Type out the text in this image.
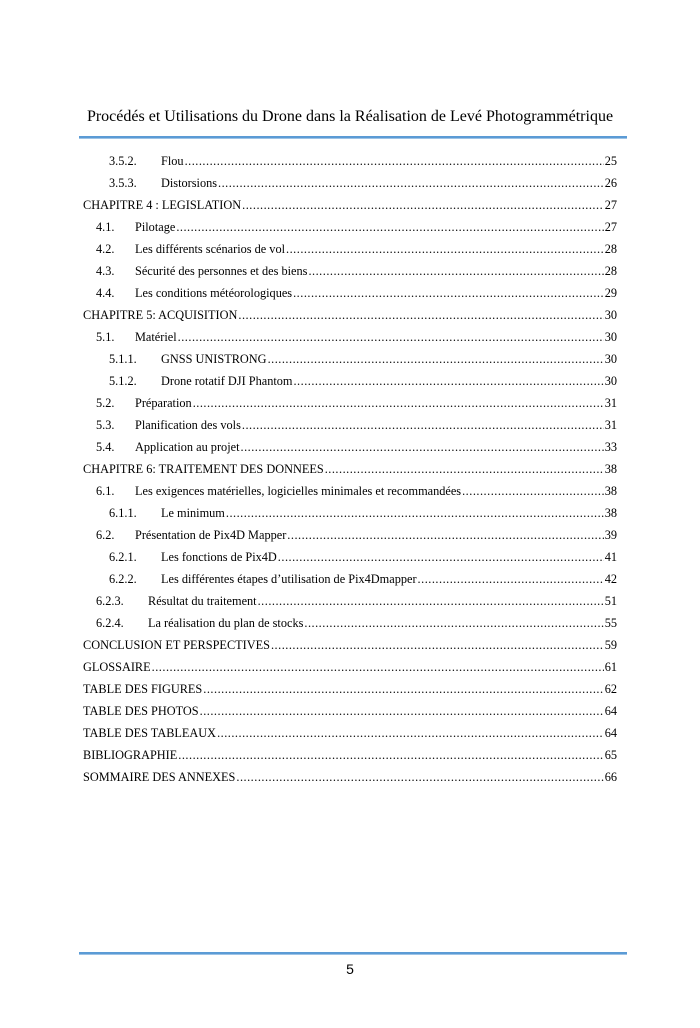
Procédés et Utilisations du Drone dans la Réalisation de Levé Photogrammétrique
3.5.2.	Flou .....	25
3.5.3.	Distorsions .....	26
CHAPITRE 4 : LEGISLATION .....	27
4.1.	Pilotage .....	27
4.2.	Les différents scénarios de vol .....	28
4.3.	Sécurité des personnes et des biens .....	28
4.4.	Les conditions météorologiques .....	29
CHAPITRE 5: ACQUISITION .....	30
5.1.	Matériel .....	30
5.1.1.	GNSS UNISTRONG .....	30
5.1.2.	Drone rotatif DJI Phantom .....	30
5.2.	Préparation .....	31
5.3.	Planification des vols .....	31
5.4.	Application au projet .....	33
CHAPITRE 6: TRAITEMENT DES DONNEES .....	38
6.1.	Les exigences matérielles, logicielles minimales et recommandées .....	38
6.1.1.	Le minimum .....	38
6.2.	Présentation de Pix4D Mapper .....	39
6.2.1.	Les fonctions de Pix4D .....	41
6.2.2.	Les différentes étapes d’utilisation de Pix4Dmapper .....	42
6.2.3.	Résultat du traitement .....	51
6.2.4.	La réalisation du plan de stocks .....	55
CONCLUSION ET PERSPECTIVES .....	59
GLOSSAIRE .....	61
TABLE DES FIGURES .....	62
TABLE DES PHOTOS .....	64
TABLE DES TABLEAUX .....	64
BIBLIOGRAPHIE .....	65
SOMMAIRE DES ANNEXES .....	66
5
